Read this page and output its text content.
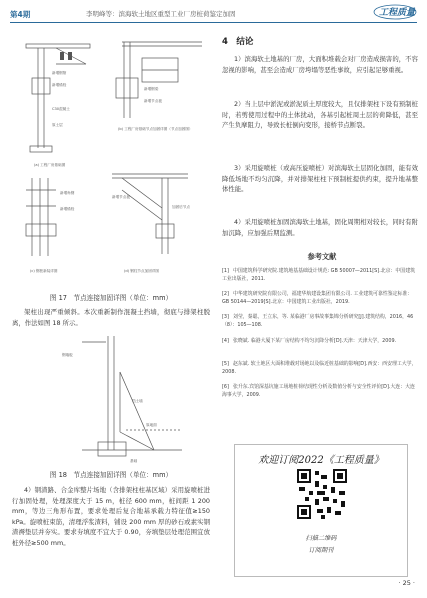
第4期	李明峰等：滨海软土地区重型工业厂房桩荷鉴定加固	工程质量
新增钢筋
新增锚栓
C30混凝土
原土层
新增钢梁
新增节点板
新增角钢
新增锚栓
新增节点板
加固后节点
(a) 工程厂房基础图
(b) 工程厂房基础节点加固详图（节点加固图）
(c) 钢桩新装详图	(d) 钢柱节点加固详图
图 17　节点连接加固详图（单位：mm）
架柱出现严重倾斜。本次重新制作混凝土挡墙，彻底与排架柱脱离，作法如图 18 所示。
钢墙板
原地面
挡土墙
基础
图 18　节点连接加固详图（单位：mm）
4）钢渣路、合金库整片场地（含排架柱柱基区域）采用旋喷桩进行加固处理，处理深度大于 15 m，桩径 600 mm，桩间距 1 200 mm，等边三角形布置，要求处理后复合地基承载力特征值≥150 kPa。旋喷桩束筋，清理浮浆渣料，铺设 200 mm 厚的砂石或素实钢渣褥垫层并夯实。要求夯填度不宜大于 0.90，夯填垫层处理范围宜放桩外径≥500 mm。
4　结论
1）滨海软土地基的厂房，大面积堆载会对厂房造成损害的，不容忽视的影响，甚至会造成厂房垮塌等恶性事故，应引起足够重视。
2）当上层中淤泥或淤泥质土厚度较大，且仅排架柱下设有预制桩时，若剪使用过程中的土体扰动，各基引起桩周土层的荷降低，甚至产生负摩阻力，导致长桩倒向变形，接桥节点断裂。
3）采用旋喷桩（或高压旋喷桩）对滨海软土层固化加固，能有效降低场地不均匀沉降，并对排架柱柱下预制桩提供约束，提升地基整体性能。
4）采用旋喷桩加固滨海软土地基，固化周期相对较长，同时有附加沉降，应加强后期监测。
参考文献
[1] 中国建筑科学研究院.建筑地基基础设计规范: GB 50007—2011[S].北京：中国建筑工业出版社，2011.
[2] 中华建筑研究院有限公司，福建华航建设集团有限公司. 工业建筑可靠性鉴定标准：GB 50144—2019[S].北京：中国建筑工业出版社，2019.
[3] 刘莹，秦聪，王立东，等. 某临港厂房事故事集锦分析研究[J].建筑结构，2016，46（8）：105—108.
[4] 张晓斌. 临港大厦下某厂房结构不均匀沉降分析[D].天津：天津大学，2009.
[5] 赵东斌. 软土地区大面积堆载对场地以及临近桩基础的影响[D].西安：西安理工大学，2008.
[6] 张升东.宾馆深基坑施工场地桩荷结现性分析及数值分析与安全性评价[D].大连：大连海事大学，2009.
欢迎订阅2022《工程质量》
扫描二维码
订阅期刊
· 25 ·
